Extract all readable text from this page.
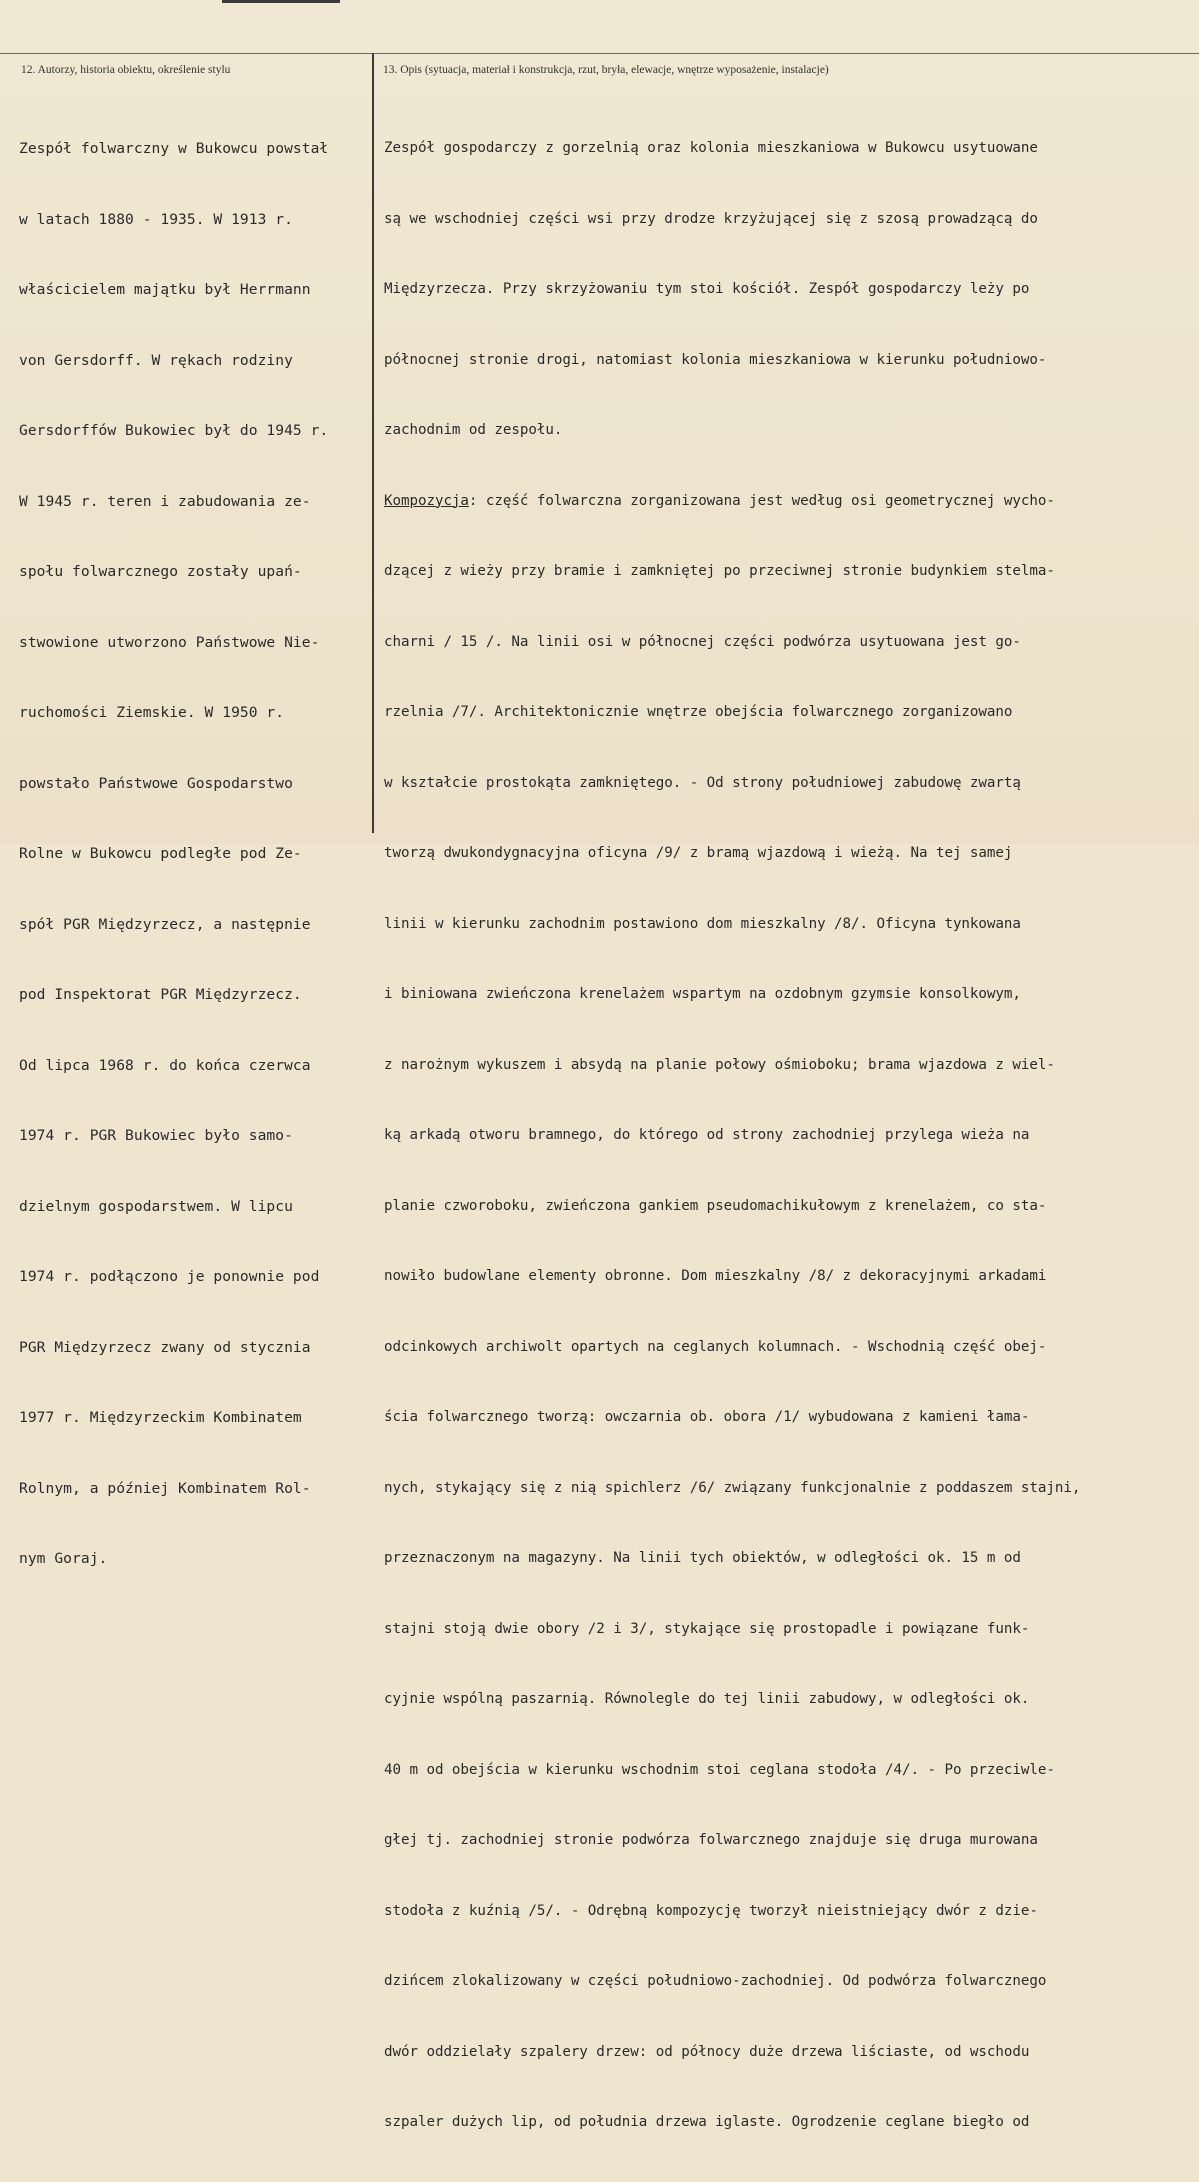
12. Autorzy, historia obiektu, określenie stylu	13. Opis (sytuacja, materiał i konstrukcja, rzut, bryła, elewacje, wnętrze wyposażenie, instalacje)

Zespół folwarczny w Bukowcu powstał

w latach 1880 - 1935. W 1913 r.

właścicielem majątku był Herrmann

von Gersdorff. W rękach rodziny

Gersdorffów Bukowiec był do 1945 r.

W 1945 r. teren i zabudowania ze-

społu folwarcznego zostały upań-

stwowione utworzono Państwowe Nie-

ruchomości Ziemskie. W 1950 r.

powstało Państwowe Gospodarstwo

Rolne w Bukowcu podległe pod Ze-

spół PGR Międzyrzecz, a następnie

pod Inspektorat PGR Międzyrzecz.

Od lipca 1968 r. do końca czerwca

1974 r. PGR Bukowiec było samo-

dzielnym gospodarstwem. W lipcu

1974 r. podłączono je ponownie pod

PGR Międzyrzecz zwany od stycznia

1977 r. Międzyrzeckim Kombinatem

Rolnym, a później Kombinatem Rol-

nym Goraj.

Zespół gospodarczy z gorzelnią oraz kolonia mieszkaniowa w Bukowcu usytuowane

są we wschodniej części wsi przy drodze krzyżującej się z szosą prowadzącą do

Międzyrzecza. Przy skrzyżowaniu tym stoi kościół. Zespół gospodarczy leży po

północnej stronie drogi, natomiast kolonia mieszkaniowa w kierunku południowo-

zachodnim od zespołu.

Kompozycja: część folwarczna zorganizowana jest według osi geometrycznej wycho-

dzącej z wieży przy bramie i zamkniętej po przeciwnej stronie budynkiem stelma-

charni / 15 /. Na linii osi w północnej części podwórza usytuowana jest go-

rzelnia /7/. Architektonicznie wnętrze obejścia folwarcznego zorganizowano

w kształcie prostokąta zamkniętego. - Od strony południowej zabudowę zwartą

tworzą dwukondygnacyjna oficyna /9/ z bramą wjazdową i wieżą. Na tej samej

linii w kierunku zachodnim postawiono dom mieszkalny /8/. Oficyna tynkowana

i biniowana zwieńczona krenelażem wspartym na ozdobnym gzymsie konsolkowym,

z narożnym wykuszem i absydą na planie połowy ośmioboku; brama wjazdowa z wiel-

ką arkadą otworu bramnego, do którego od strony zachodniej przylega wieża na

planie czworoboku, zwieńczona gankiem pseudomachikułowym z krenelażem, co sta-

nowiło budowlane elementy obronne. Dom mieszkalny /8/ z dekoracyjnymi arkadami

odcinkowych archiwolt opartych na ceglanych kolumnach. - Wschodnią część obej-

ścia folwarcznego tworzą: owczarnia ob. obora /1/ wybudowana z kamieni łama-

nych, stykający się z nią spichlerz /6/ związany funkcjonalnie z poddaszem stajni,

przeznaczonym na magazyny. Na linii tych obiektów, w odległości ok. 15 m od

stajni stoją dwie obory /2 i 3/, stykające się prostopadle i powiązane funk-

cyjnie wspólną paszarnią. Równolegle do tej linii zabudowy, w odległości ok.

40 m od obejścia w kierunku wschodnim stoi ceglana stodoła /4/. - Po przeciwle-

głej tj. zachodniej stronie podwórza folwarcznego znajduje się druga murowana

stodoła z kuźnią /5/. - Odrębną kompozycję tworzył nieistniejący dwór z dzie-

dzińcem zlokalizowany w części południowo-zachodniej. Od podwórza folwarcznego

dwór oddzielały szpalery drzew: od północy duże drzewa liściaste, od wschodu

szpaler dużych lip, od południa drzewa iglaste. Ogrodzenie ceglane biegło od
